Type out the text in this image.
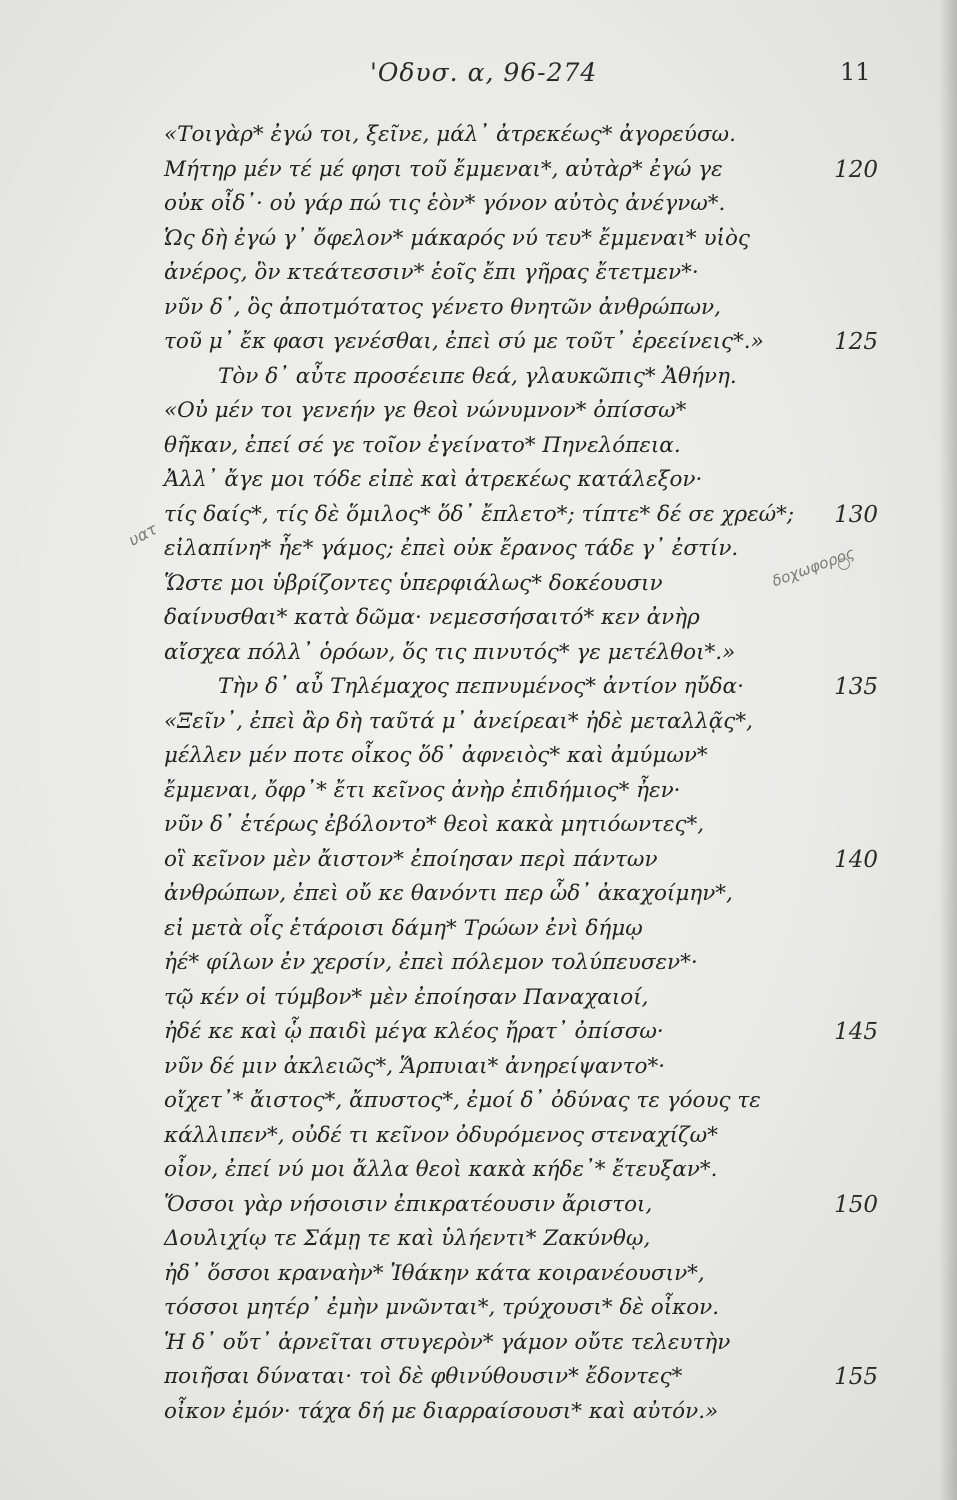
'Οδυσ. α, 96-274	11
«Τοιγὰρ* ἐγώ τοι, ξεῖνε, μάλ᾽ ἀτρεκέως* ἀγορεύσω.
Μήτηρ μέν τέ μέ φησι τοῦ ἔμμεναι*, αὐτὰρ* ἐγώ γε	120
οὐκ οἶδ᾽· οὐ γάρ πώ τις ἑὸν* γόνον αὐτὸς ἀνέγνω*.
Ὡς δὴ ἐγώ γ᾽ ὄφελον* μάκαρός νύ τευ* ἔμμεναι* υἱὸς
ἀνέρος, ὃν κτεάτεσσιν* ἑοῖς ἔπι γῆρας ἔτετμεν*·
νῦν δ᾽, ὃς ἀποτμότατος γένετο θνητῶν ἀνθρώπων,
τοῦ μ᾽ ἔκ φασι γενέσθαι, ἐπεὶ σύ με τοῦτ᾽ ἐρεείνεις*.»	125
Τὸν δ᾽ αὖτε προσέειπε θεά, γλαυκῶπις* Ἀθήνη.
«Οὐ μέν τοι γενεήν γε θεοὶ νώνυμνον* ὀπίσσω*
θῆκαν, ἐπεί σέ γε τοῖον ἐγείνατο* Πηνελόπεια.
Ἀλλ᾽ ἄγε μοι τόδε εἰπὲ καὶ ἀτρεκέως κατάλεξον·
τίς δαίς*, τίς δὲ ὅμιλος* ὅδ᾽ ἔπλετο*; τίπτε* δέ σε χρεώ*; 130
εἰλαπίνη* ἦε* γάμος; ἐπεὶ οὐκ ἔρανος τάδε γ᾽ ἐστίν.
Ὥστε μοι ὑβρίζοντες ὑπερφιάλως* δοκέουσιν
δαίνυσθαι* κατὰ δῶμα· νεμεσσήσαιτό* κεν ἀνὴρ
αἴσχεα πόλλ᾽ ὁρόων, ὅς τις πινυτός* γε μετέλθοι*.»
Τὴν δ᾽ αὖ Τηλέμαχος πεπνυμένος* ἀντίον ηὔδα·	135
«Ξεῖν᾽, ἐπεὶ ἂρ δὴ ταῦτά μ᾽ ἀνείρεαι* ἠδὲ μεταλλᾷς*,
μέλλεν μέν ποτε οἶκος ὅδ᾽ ἀφνειὸς* καὶ ἀμύμων*
ἔμμεναι, ὄφρ᾽* ἔτι κεῖνος ἀνὴρ ἐπιδήμιος* ἦεν·
νῦν δ᾽ ἑτέρως ἐβόλοντο* θεοὶ κακὰ μητιόωντες*,
οἳ κεῖνον μὲν ἄιστον* ἐποίησαν περὶ πάντων	140
ἀνθρώπων, ἐπεὶ οὔ κε θανόντι περ ὧδ᾽ ἀκαχοίμην*,
εἰ μετὰ οἷς ἑτάροισι δάμη* Τρώων ἐνὶ δήμῳ
ἠέ* φίλων ἐν χερσίν, ἐπεὶ πόλεμον τολύπευσεν*·
τῷ κέν οἱ τύμβον* μὲν ἐποίησαν Παναχαιοί,
ἠδέ κε καὶ ᾧ παιδὶ μέγα κλέος ἤρατ᾽ ὀπίσσω·	145
νῦν δέ μιν ἀκλειῶς*, Ἅρπυιαι* ἀνηρείψαντο*·
οἴχετ᾽* ἄιστος*, ἄπυστος*, ἐμοί δ᾽ ὀδύνας τε γόους τε
κάλλιπεν*, οὐδέ τι κεῖνον ὀδυρόμενος στεναχίζω*
οἶον, ἐπεί νύ μοι ἄλλα θεοὶ κακὰ κήδε᾽* ἔτευξαν*.
Ὅσσοι γὰρ νήσοισιν ἐπικρατέουσιν ἄριστοι,	150
Δουλιχίῳ τε Σάμῃ τε καὶ ὑλήεντι* Ζακύνθῳ,
ἠδ᾽ ὅσσοι κραναὴν* Ἰθάκην κάτα κοιρανέουσιν*,
τόσσοι μητέρ᾽ ἐμὴν μνῶνται*, τρύχουσι* δὲ οἶκον.
Ἡ δ᾽ οὔτ᾽ ἀρνεῖται στυγερὸν* γάμον οὔτε τελευτὴν
ποιῆσαι δύναται· τοὶ δὲ φθινύθουσιν* ἔδοντες*	155
οἶκον ἐμόν· τάχα δή με διαρραίσουσι* καὶ αὐτόν.»
υατ
δοχωφορος
